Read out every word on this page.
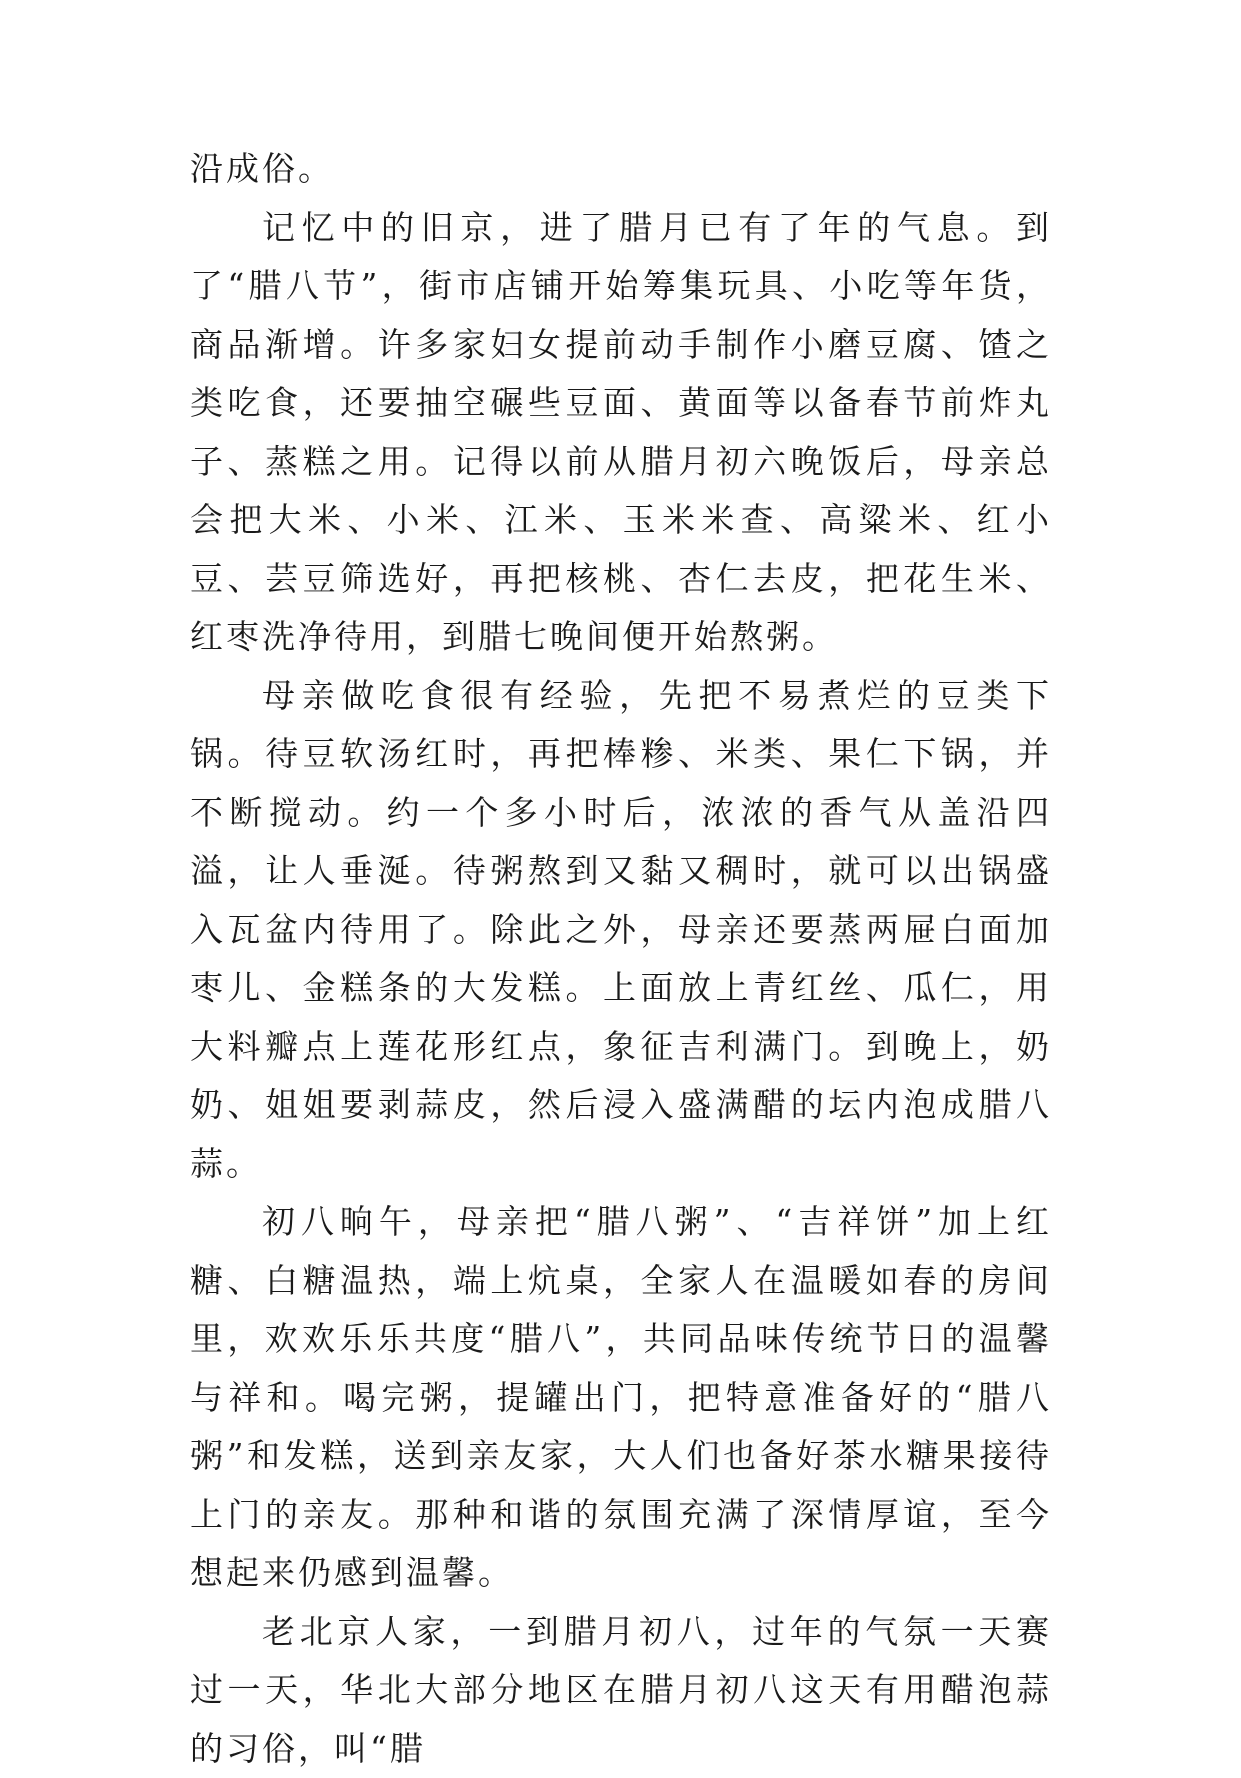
沿成俗。

记忆中的旧京，进了腊月已有了年的气息。到了“腊八节”，街市店铺开始筹集玩具、小吃等年货，商品渐增。许多家妇女提前动手制作小磨豆腐、馇之类吃食，还要抽空碾些豆面、黄面等以备春节前炸丸子、蒸糕之用。记得以前从腊月初六晚饭后，母亲总会把大米、小米、江米、玉米米查、高粱米、红小豆、芸豆筛选好，再把核桃、杏仁去皮，把花生米、红枣洗净待用，到腊七晚间便开始熬粥。

母亲做吃食很有经验，先把不易煮烂的豆类下锅。待豆软汤红时，再把棒糁、米类、果仁下锅，并不断搅动。约一个多小时后，浓浓的香气从盖沿四溢，让人垂涎。待粥熬到又黏又稠时，就可以出锅盛入瓦盆内待用了。除此之外，母亲还要蒸两屉白面加枣儿、金糕条的大发糕。上面放上青红丝、瓜仁，用大料瓣点上莲花形红点，象征吉利满门。到晚上，奶奶、姐姐要剥蒜皮，然后浸入盛满醋的坛内泡成腊八蒜。

初八晌午，母亲把“腊八粥”、“吉祥饼”加上红糖、白糖温热，端上炕桌，全家人在温暖如春的房间里，欢欢乐乐共度“腊八”，共同品味传统节日的温馨与祥和。喝完粥，提罐出门，把特意准备好的“腊八粥”和发糕，送到亲友家，大人们也备好茶水糖果接待上门的亲友。那种和谐的氛围充满了深情厚谊，至今想起来仍感到温馨。

老北京人家，一到腊月初八，过年的气氛一天赛过一天，华北大部分地区在腊月初八这天有用醋泡蒜的习俗，叫“腊
